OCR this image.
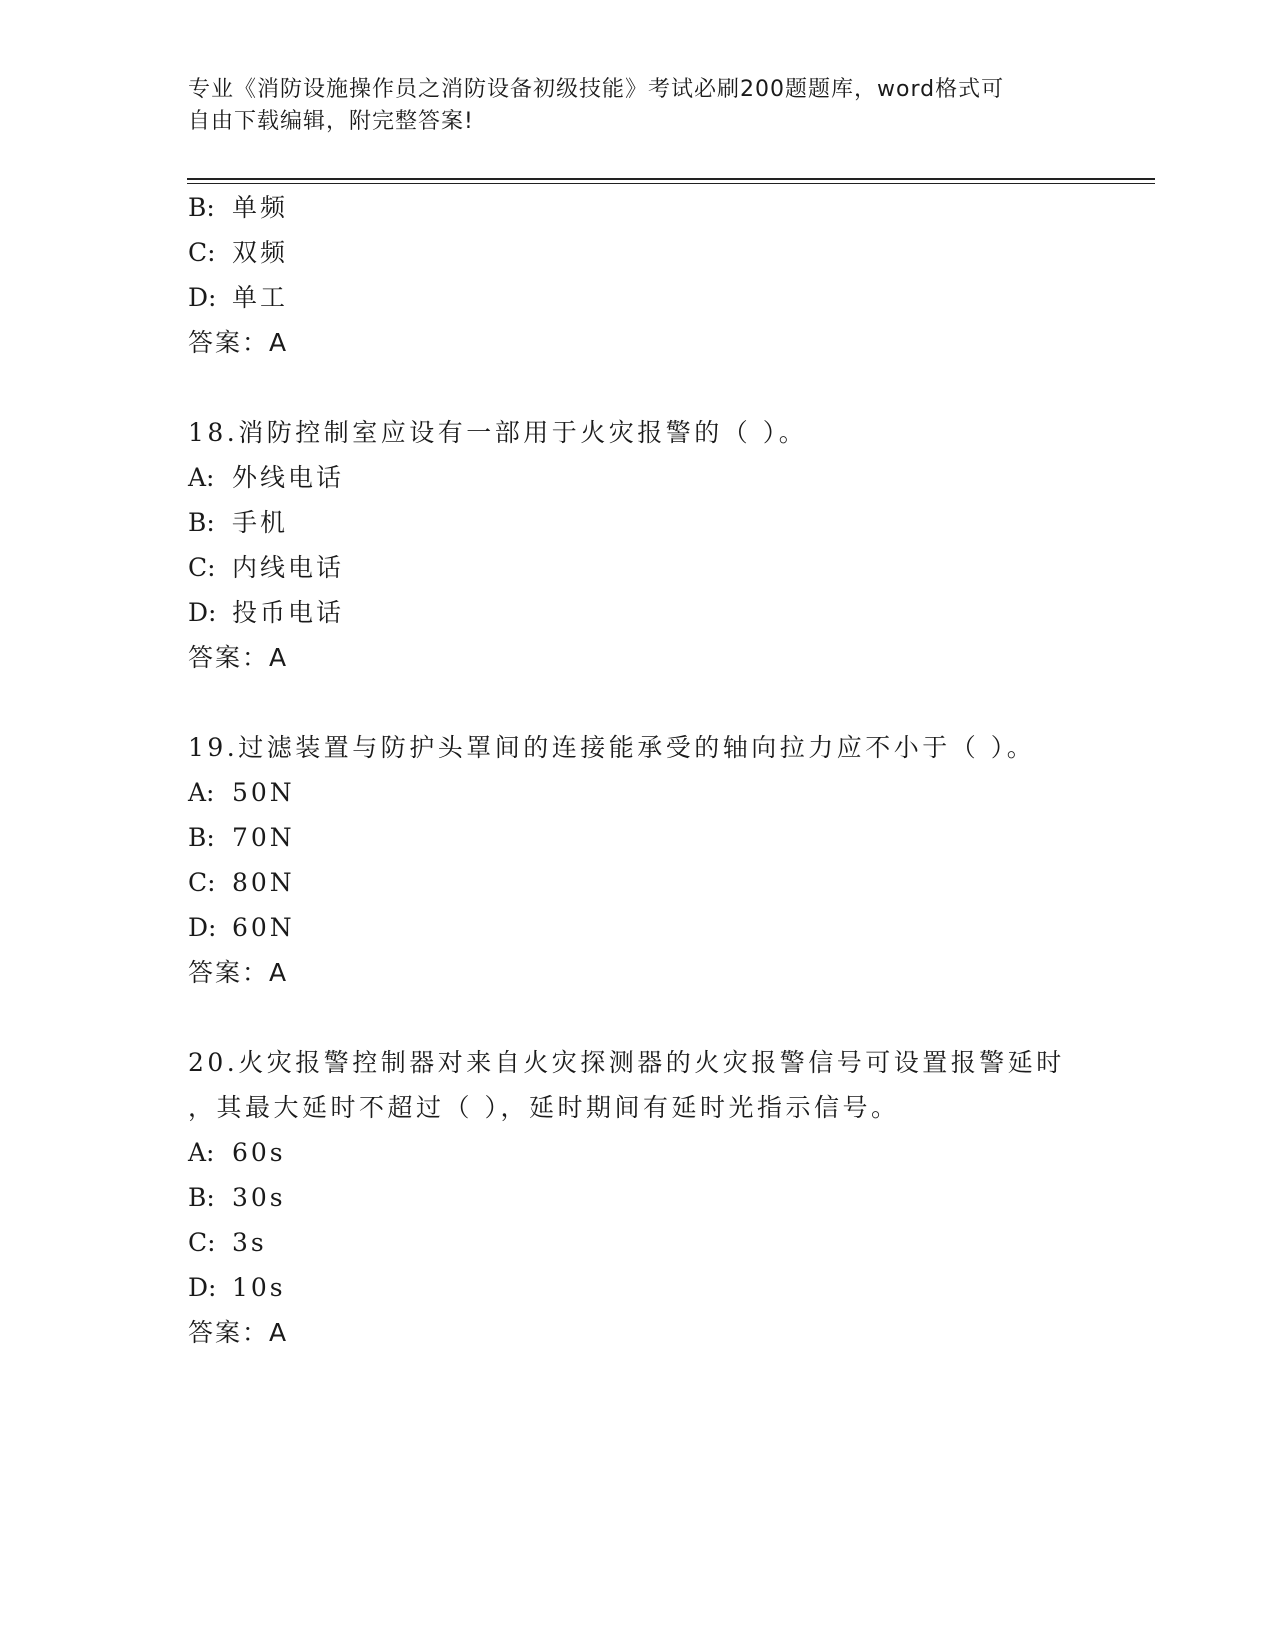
专业《消防设施操作员之消防设备初级技能》考试必刷200题题库，word格式可
自由下载编辑，附完整答案!
B: 单频
C: 双频
D: 单工
答案：A
18.消防控制室应设有一部用于火灾报警的（ ）。
A: 外线电话
B: 手机
C: 内线电话
D: 投币电话
答案：A
19.过滤装置与防护头罩间的连接能承受的轴向拉力应不小于（ ）。
A: 50N
B: 70N
C: 80N
D: 60N
答案：A
20.火灾报警控制器对来自火灾探测器的火灾报警信号可设置报警延时
，其最大延时不超过（ ），延时期间有延时光指示信号。
A: 60s
B: 30s
C: 3s
D: 10s
答案：A
